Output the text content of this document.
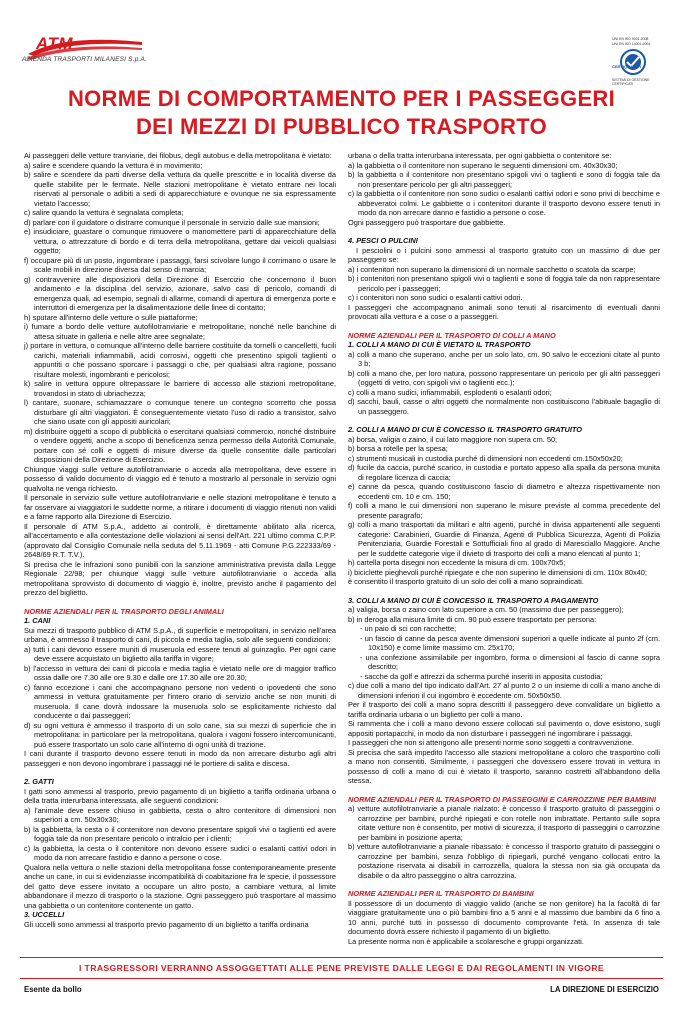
ATM
AZIENDA TRASPORTI MILANESI S.p.A.
UNI EN ISO 9001:2008
UNI EN ISO 14001:2004
CERTIQUALITY
SISTEMI DI GESTIONE
CERTIFICATI
NORME DI COMPORTAMENTO PER I PASSEGGERI
DEI MEZZI DI PUBBLICO TRASPORTO

Ai passeggeri delle vetture tranviarie, dei filobus, degli autobus e della metropolitana è vietato:

a) salire e scendere quando la vettura è in movimento;

b) salire e scendere da parti diverse della vettura da quelle prescritte e in località diverse da quelle stabilite per le fermate. Nelle stazioni metropolitane è vietato entrare nei locali riservati al personale o adibiti a sedi di apparecchiature e ovunque ne sia espressamente vietato l'accesso;

c) salire quando la vettura è segnalata completa;

d) parlare con il guidatore o distrarre comunque il personale in servizio dalle sue mansioni;

e) insudiciare, guastare o comunque rimuovere o manomettere parti di apparecchiature della vettura, o attrezzature di bordo e di terra della metropolitana, gettare dai veicoli qualsiasi oggetto;

f) occupare più di un posto, ingombrare i passaggi, farsi scivolare lungo il corrimano o usare le scale mobili in direzione diversa dal senso di marcia;

g) contravvenire alle disposizioni della Direzione di Esercizio che concernono il buon andamento e la disciplina del servizio, azionare, salvo casi di pericolo, comandi di emergenza quali, ad esempio, segnali di allarme, comandi di apertura di emergenza porte e interruttori di emergenza per la disalimentazione delle linee di contatto;

h) sputare all'interno delle vetture o sulle piattaforme;

i) fumare a bordo delle vetture autofilotranviarie e metropolitane, nonché nelle banchine di attesa situate in galleria e nelle altre aree segnalate;

j) portare in vettura, o comunque all'interno delle barriere costituite da tornelli o cancelletti, fucili carichi, materiali infiammabili, acidi corrosivi, oggetti che presentino spigoli taglienti o appuntiti o che possano sporcare i passaggi o che, per qualsiasi altra ragione, possano risultare molesti, ingombranti e pericolosi;

k) salire in vettura oppure oltrepassare le barriere di accesso alle stazioni metropolitane, trovandosi in stato di ubriachezza;

l) cantare, suonare, schiamazzare o comunque tenere un contegno scorretto che possa disturbare gli altri viaggiatori. È conseguentemente vietato l'uso di radio a transistor, salvo che siano usate con gli appositi auricolari;

m) distribuire oggetti a scopo di pubblicità o esercitarvi qualsiasi commercio, nonché distribuire o vendere oggetti, anche a scopo di beneficenza senza permesso della Autorità Comunale, portare con sé colli e oggetti di misure diverse da quelle consentite dalle particolari disposizioni della Direzione di Esercizio.

Chiunque viaggi sulle vetture autofilotranviarie o acceda alla metropolitana, deve essere in possesso di valido documento di viaggio ed è tenuto a mostrarlo al personale in servizio ogni qualvolta ne venga richiesto.

Il personale in servizio sulle vetture autofilotranviarie e nelle stazioni metropolitane è tenuto a far osservare ai viaggiatori le suddette norme, a ritirare i documenti di viaggio ritenuti non validi e a farne rapporto alla Direzione di Esercizio.

Il personale di ATM S.p.A., addetto ai controlli, è direttamente abilitato alla ricerca, all'accertamento e alla contestazione delle violazioni ai sensi dell'Art. 221 ultimo comma C.P.P. (approvato dal Consiglio Comunale nella seduta del 5.11.1969 - atti Comune P.G.222333/69 - 2648/69 R.T. T.V.).

Si precisa che le infrazioni sono punibili con la sanzione amministrativa prevista dalla Legge Regionale 22/98; per chiunque viaggi sulle vetture autofilotranviarie o acceda alla metropolitana sprovvisto di documento di viaggio è, inoltre, previsto anche il pagamento del prezzo del biglietto.

NORME AZIENDALI PER IL TRASPORTO DEGLI ANIMALI

1. CANI

Sui mezzi di trasporto pubblico di ATM S.p.A., di superficie e metropolitani, in servizio nell'area urbana, è ammesso il trasporto di cani, di piccola e media taglia, solo alle seguenti condizioni:

a) tutti i cani devono essere muniti di museruola ed essere tenuti al guinzaglio. Per ogni cane deve essere acquistato un biglietto alla tariffa in vigore;

b) l'accesso in vettura dei cani di piccola e media taglia è vietato nelle ore di maggior traffico ossia dalle ore 7.30 alle ore 9.30 e dalle ore 17.30 alle ore 20.30;

c) fanno eccezione i cani che accompagnano persone non vedenti o ipovedenti che sono ammessi in vettura gratuitamente per l'intero orario di servizio anche se non muniti di museruola. Il cane dovrà indossare la museruola solo se esplicitamente richiesto dal conducente o dai passeggeri;

d) su ogni vettura è ammesso il trasporto di un solo cane, sia sui mezzi di superficie che in metropolitana: in particolare per la metropolitana, qualora i vagoni fossero intercomunicanti, può essere trasportato un solo cane all'interno di ogni unità di trazione.

I cani durante il trasporto devono essere tenuti in modo da non arrecare disturbo agli altri passeggeri e non devono ingombrare i passaggi né le portiere di salita e discesa.

2. GATTI

I gatti sono ammessi al trasporto, previo pagamento di un biglietto a tariffa ordinaria urbana o della tratta interurbana interessata, alle seguenti condizioni:

a) l'animale deve essere chiuso in gabbietta, cesta o altro contenitore di dimensioni non superiori a cm. 50x30x30;

b) la gabbietta, la cesta o il contenitore non devono presentare spigoli vivi o taglienti ed avere foggia tale da non presentare pericolo o intralcio per i clienti;

c) la gabbietta, la cesta o il contenitore non devono essere sudici o esalanti cattivi odori in modo da non arrecare fastidio e danno a persone o cose.

Qualora nella vettura o nelle stazioni della metropolitana fosse contemporaneamente presente anche un cane, in cui si evidenziasse incompatibilità di coabitazione fra le specie, il possessore del gatto deve essere invitato a occupare un altro posto, a cambiare vettura, al limite abbandonare il mezzo di trasporto o la stazione. Ogni passeggero può trasportare al massimo una gabbietta o un contenitore contenente un gatto.

3. UCCELLI

Gli uccelli sono ammessi al trasporto previo pagamento di un biglietto a tariffa ordinaria

urbana o della tratta interurbana interessata, per ogni gabbietta o contenitore se:

a) la gabbietta o il contenitore non superano le seguenti dimensioni cm. 40x30x30;

b) la gabbietta o il contenitore non presentano spigoli vivi o taglienti e sono di foggia tale da non presentare pericolo per gli altri passeggeri;

c) la gabbietta o il contenitore non sono sudici o esalanti cattivi odori e sono privi di becchime e abbeveratoi colmi. Le gabbiette o i contenitori durante il trasporto devono essere tenuti in modo da non arrecare danno e fastidio a persone o cose.

Ogni passeggero può trasportare due gabbiette.

4. PESCI O PULCINI

I pesciolini o i pulcini sono ammessi al trasporto gratuito con un massimo di due per passeggero se:

a) i contenitori non superano la dimensioni di un normale sacchetto o scatola da scarpe;

b) i contenitori non presentano spigoli vivi o taglienti e sono di foggia tale da non rappresentare pericolo per i passeggeri;

c) i contenitori non sono sudici o esalanti cattivi odori.

I passeggeri che accompagnano animali sono tenuti al risarcimento di eventuali danni provocati alla vettura e a cose o a passeggeri.

NORME AZIENDALI PER IL TRASPORTO DI COLLI A MANO

1. COLLI A MANO DI CUI È VIETATO IL TRASPORTO

a) colli a mano che superano, anche per un solo lato, cm. 90 salvo le eccezioni citate al punto 3 b;

b) colli a mano che, per loro natura, possono rappresentare un pericolo per gli altri passeggeri (oggetti di vetro, con spigoli vivi o taglienti ecc.);

c) colli a mano sudici, infiammabili, esplodenti o esalanti odori;

d) sacchi, bauli, casse o altri oggetti che normalmente non costituiscono l'abituale bagaglio di un passeggero.

2. COLLI A MANO DI CUI È CONCESSO IL TRASPORTO GRATUITO

a) borsa, valigia o zaino, il cui lato maggiore non supera cm. 50;

b) borsa a rotelle per la spesa;

c) strumenti musicali in custodia purché di dimensioni non eccedenti cm.150x50x20;

d) fucile da caccia, purché scarico, in custodia e portato appeso alla spalla da persona munita di regolare licenza di caccia;

e) canne da pesca, quando costituiscono fascio di diametro e altezza rispettivamente non eccedenti cm. 10 e cm. 150;

f) colli a mano le cui dimensioni non superano le misure previste al comma precedente del presente paragrafo;

g) colli a mano trasportati da militari e altri agenti, purché in divisa appartenenti alle seguenti categorie: Carabinieri, Guardie di Finanza, Agenti di Pubblica Sicurezza, Agenti di Polizia Penitenziaria, Guardie Forestali e Sottufficiali fino al grado di Maresciallo Maggiore. Anche per le suddette categorie vige il divieto di trasporto dei colli a mano elencati al punto 1;

h) cartella porta disegni non eccedente la misura di cm. 100x70x5;

i) biciclette pieghevoli purché ripiegate e che non superino le dimensioni di cm. 110x 80x40;

è consentito il trasporto gratuito di un solo dei colli a mano sopraindicati.

3. COLLI A MANO DI CUI È CONCESSO IL TRASPORTO A PAGAMENTO

a) valigia, borsa o zaino con lato superiore a cm. 50 (massimo due per passeggero);

b) in deroga alla misura limite di cm. 90 può essere trasportato per persona:

- un paio di sci con racchette;

- un fascio di canne da pesca avente dimensioni superiori a quelle indicate al punto 2f (cm. 10x150) e come limite massimo cm. 25x170;

- una confezione assimilabile per ingombro, forma o dimensioni al fascio di canne sopra descritto;

- sacche da golf e attrezzi da scherma purché inseriti in apposita custodia;

c) due colli a mano del tipo indicato dall'Art. 27 al punto 2 o un insieme di colli a mano anche di dimensioni inferiori il cui ingombro è eccedente cm. 50x50x50.

Per il trasporto dei colli a mano sopra descritti il passeggero deve convalidare un biglietto a tariffa ordinaria urbana o un biglietto per colli a mano.

Si rammenta che i colli a mano devono essere collocati sul pavimento o, dove esistono, sugli appositi portapacchi, in modo da non disturbare i passeggeri né ingombrare i passaggi.

I passeggeri che non si attengono alle presenti norme sono soggetti a contravvenzione.

Si precisa che sarà impedito l'accesso alle stazioni metropolitane a coloro che trasportino colli a mano non consentiti. Similmente, i passeggeri che dovessero essere trovati in vettura in possesso di colli a mano di cui è vietato il trasporto, saranno costretti all'abbandono della stessa.

NORME AZIENDALI PER IL TRASPORTO DI PASSEGGINI E CARROZZINE PER BAMBINI

a) vetture autofilotranviarie a pianale rialzato: è concesso il trasporto gratuito di passeggini o carrozzine per bambini, purché ripiegati e con rotelle non imbrattate. Pertanto sulle sopra citate vetture non è consentito, per motivi di sicurezza, il trasporto di passeggini o carrozzine per bambini in posizione aperta;

b) vetture autofilotranviarie a pianale ribassato: è concesso il trasporto gratuito di passeggini o carrozzine per bambini, senza l'obbligo di ripiegarli, purché vengano collocati entro la postazione riservata ai disabili in carrozzella, qualora la stessa non sia già occupata da disabile o da altro passeggino o altra carrozzina.

NORME AZIENDALI PER IL TRASPORTO DI BAMBINI

Il possessore di un documento di viaggio valido (anche se non genitore) ha la facoltà di far viaggiare gratuitamente uno o più bambini fino a 5 anni e al massimo due bambini da 6 fino a 10 anni, purché tutti in possesso di documento comprovante l'età. In assenza di tale documento dovrà essere richiesto il pagamento di un biglietto.

La presente norma non è applicabile a scolaresche e gruppi organizzati.

I TRASGRESSORI VERRANNO ASSOGGETTATI ALLE PENE PREVISTE DALLE LEGGI E DAI REGOLAMENTI IN VIGORE
Esente da bollo	LA DIREZIONE DI ESERCIZIO
